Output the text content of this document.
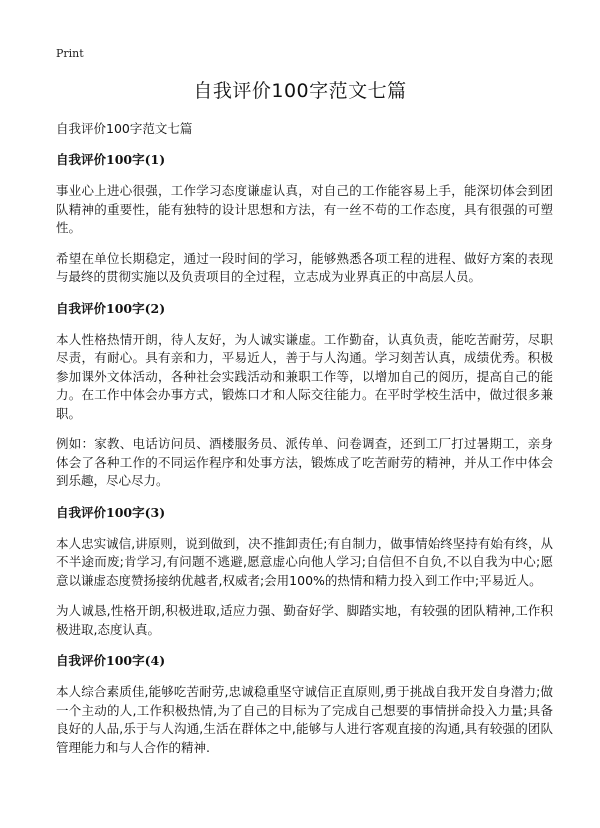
Print
自我评价100字范文七篇
自我评价100字范文七篇
自我评价100字(1)

事业心上进心很强，工作学习态度谦虚认真，对自己的工作能容易上手，能深切体会到团队精神的重要性，能有独特的设计思想和方法，有一丝不苟的工作态度，具有很强的可塑性。

希望在单位长期稳定，通过一段时间的学习，能够熟悉各项工程的进程、做好方案的表现与最终的贯彻实施以及负责项目的全过程，立志成为业界真正的中高层人员。

自我评价100字(2)

本人性格热情开朗，待人友好，为人诚实谦虚。工作勤奋，认真负责，能吃苦耐劳，尽职尽责，有耐心。具有亲和力，平易近人，善于与人沟通。学习刻苦认真，成绩优秀。积极参加课外文体活动，各种社会实践活动和兼职工作等，以增加自己的阅历，提高自己的能力。在工作中体会办事方式，锻炼口才和人际交往能力。在平时学校生活中，做过很多兼职。

例如：家教、电话访问员、酒楼服务员、派传单、问卷调查，还到工厂打过暑期工，亲身体会了各种工作的不同运作程序和处事方法，锻炼成了吃苦耐劳的精神，并从工作中体会到乐趣，尽心尽力。

自我评价100字(3)

本人忠实诚信,讲原则，说到做到，决不推卸责任;有自制力，做事情始终坚持有始有终，从不半途而废;肯学习,有问题不逃避,愿意虚心向他人学习;自信但不自负,不以自我为中心;愿意以谦虚态度赞扬接纳优越者,权威者;会用100%的热情和精力投入到工作中;平易近人。

为人诚恳,性格开朗,积极进取,适应力强、勤奋好学、脚踏实地，有较强的团队精神,工作积极进取,态度认真。

自我评价100字(4)

本人综合素质佳,能够吃苦耐劳,忠诚稳重坚守诚信正直原则,勇于挑战自我开发自身潜力;做一个主动的人,工作积极热情,为了自己的目标为了完成自己想要的事情拼命投入力量;具备良好的人品,乐于与人沟通,生活在群体之中,能够与人进行客观直接的沟通,具有较强的团队管理能力和与人合作的精神.
